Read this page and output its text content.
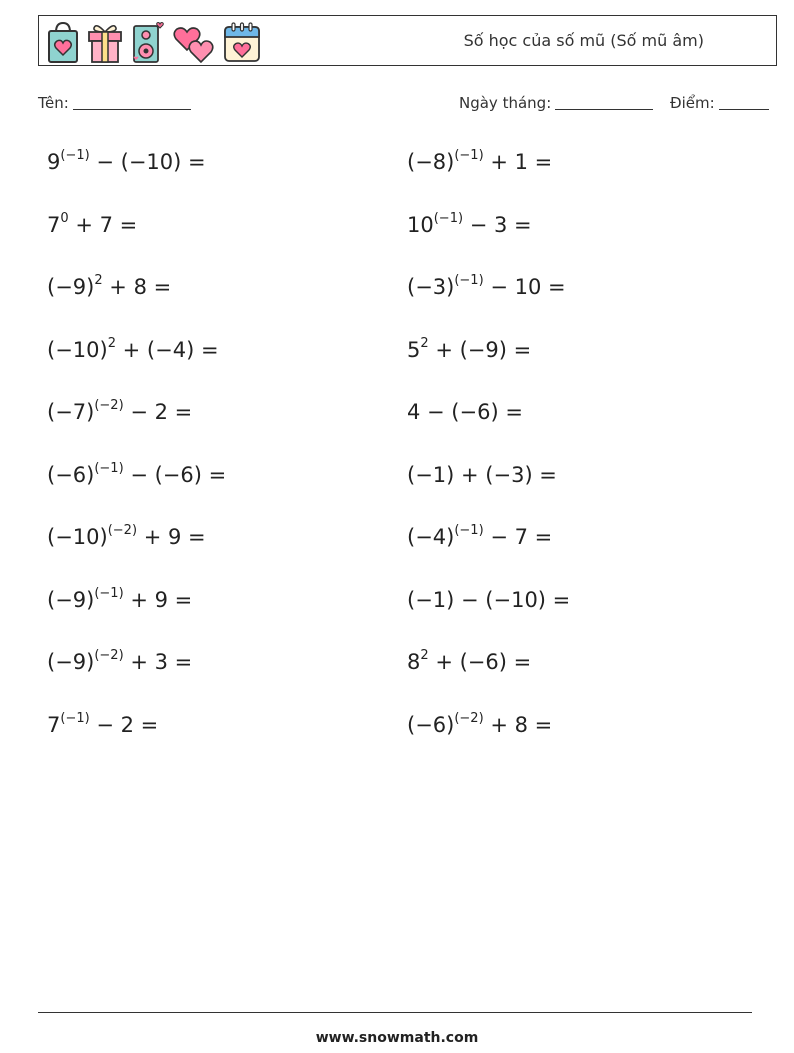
Số học của số mũ (Số mũ âm)
Tên:	Ngày tháng:	Điểm:
$9^{(-1)} - (-10)$ =
$7^0 + 7$ =
$(-9)^2 + 8$ =
$(-10)^2 + (-4)$ =
$(-7)^{(-2)} - 2$ =
$(-6)^{(-1)} - (-6)$ =
$(-10)^{(-2)} + 9$ =
$(-9)^{(-1)} + 9$ =
$(-9)^{(-2)} + 3$ =
$7^{(-1)} - 2$ =
$(-8)^{(-1)} + 1$ =
$10^{(-1)} - 3$ =
$(-3)^{(-1)} - 10$ =
$5^2 + (-9)$ =
4 − (−6) =
(−1) + (−3) =
$(-4)^{(-1)} - 7$ =
(−1) − (−10) =
$8^2 + (-6)$ =
$(-6)^{(-2)} + 8$ =
www.snowmath.com
